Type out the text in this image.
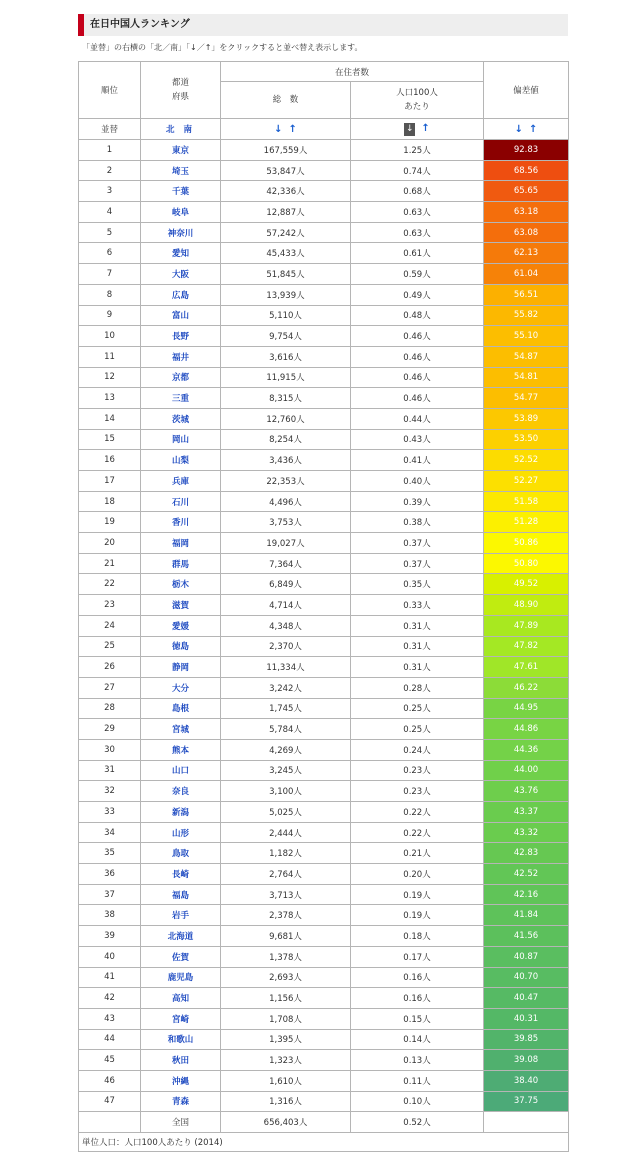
在日中国人ランキング
「並替」の右横の「北／南」「↓／↑」をクリックすると並べ替え表示します。
順位	都道
府県	在住者数		偏差値
		総　数	人口100人
あたり	
並替	北 南	↓ ↑	↓ ↑	↓ ↑
1	東京	167,559人	1.25人	92.83
2	埼玉	53,847人	0.74人	68.56
3	千葉	42,336人	0.68人	65.65
4	岐阜	12,887人	0.63人	63.18
5	神奈川	57,242人	0.63人	63.08
6	愛知	45,433人	0.61人	62.13
7	大阪	51,845人	0.59人	61.04
8	広島	13,939人	0.49人	56.51
9	富山	5,110人	0.48人	55.82
10	長野	9,754人	0.46人	55.10
11	福井	3,616人	0.46人	54.87
12	京都	11,915人	0.46人	54.81
13	三重	8,315人	0.46人	54.77
14	茨城	12,760人	0.44人	53.89
15	岡山	8,254人	0.43人	53.50
16	山梨	3,436人	0.41人	52.52
17	兵庫	22,353人	0.40人	52.27
18	石川	4,496人	0.39人	51.58
19	香川	3,753人	0.38人	51.28
20	福岡	19,027人	0.37人	50.86
21	群馬	7,364人	0.37人	50.80
22	栃木	6,849人	0.35人	49.52
23	滋賀	4,714人	0.33人	48.90
24	愛媛	4,348人	0.31人	47.89
25	徳島	2,370人	0.31人	47.82
26	静岡	11,334人	0.31人	47.61
27	大分	3,242人	0.28人	46.22
28	島根	1,745人	0.25人	44.95
29	宮城	5,784人	0.25人	44.86
30	熊本	4,269人	0.24人	44.36
31	山口	3,245人	0.23人	44.00
32	奈良	3,100人	0.23人	43.76
33	新潟	5,025人	0.22人	43.37
34	山形	2,444人	0.22人	43.32
35	鳥取	1,182人	0.21人	42.83
36	長崎	2,764人	0.20人	42.52
37	福島	3,713人	0.19人	42.16
38	岩手	2,378人	0.19人	41.84
39	北海道	9,681人	0.18人	41.56
40	佐賀	1,378人	0.17人	40.87
41	鹿児島	2,693人	0.16人	40.70
42	高知	1,156人	0.16人	40.47
43	宮崎	1,708人	0.15人	40.31
44	和歌山	1,395人	0.14人	39.85
45	秋田	1,323人	0.13人	39.08
46	沖縄	1,610人	0.11人	38.40
47	青森	1,316人	0.10人	37.75
	全国	656,403人	0.52人	
単位人口：人口100人あたり (2014)				
